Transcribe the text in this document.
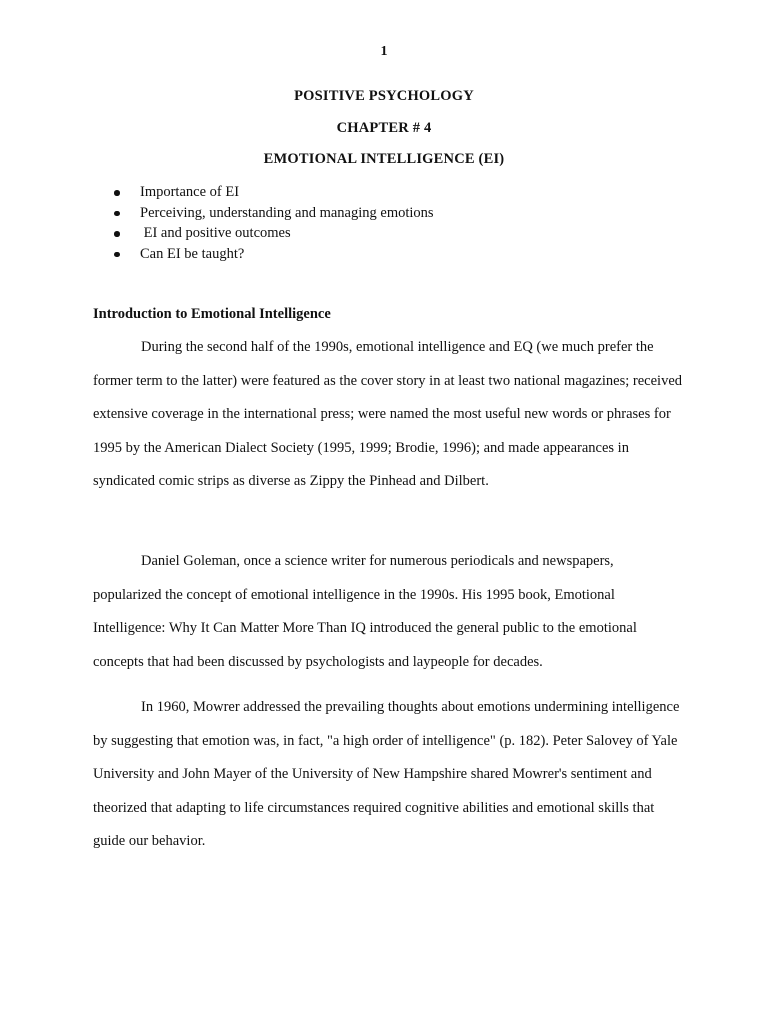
1
POSITIVE PSYCHOLOGY
CHAPTER # 4
EMOTIONAL INTELLIGENCE (EI)
Importance of EI
Perceiving, understanding and managing emotions
EI and positive outcomes
Can EI be taught?
Introduction to Emotional Intelligence

During the second half of the 1990s, emotional intelligence and EQ (we much prefer the former term to the latter) were featured as the cover story in at least two national magazines; received extensive coverage in the international press; were named the most useful new words or phrases for 1995 by the American Dialect Society (1995, 1999; Brodie, 1996); and made appearances in syndicated comic strips as diverse as Zippy the Pinhead and Dilbert.

Daniel Goleman, once a science writer for numerous periodicals and newspapers, popularized the concept of emotional intelligence in the 1990s. His 1995 book, Emotional Intelligence: Why It Can Matter More Than IQ introduced the general public to the emotional concepts that had been discussed by psychologists and laypeople for decades.

In 1960, Mowrer addressed the prevailing thoughts about emotions undermining intelligence by suggesting that emotion was, in fact, "a high order of intelligence" (p. 182). Peter Salovey of Yale University and John Mayer of the University of New Hampshire shared Mowrer's sentiment and theorized that adapting to life circumstances required cognitive abilities and emotional skills that guide our behavior.
